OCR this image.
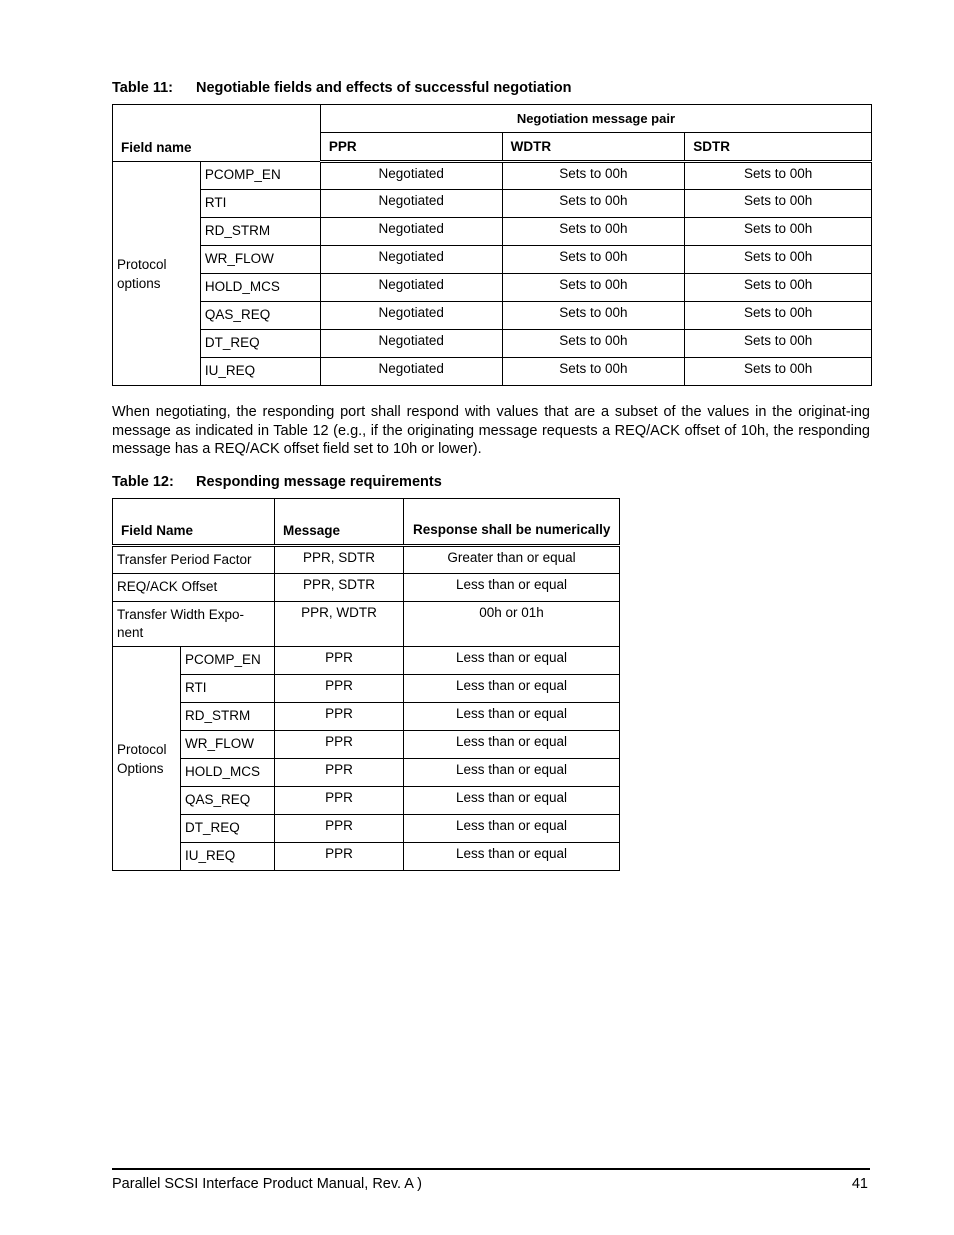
Table 11: Negotiable fields and effects of successful negotiation
Field name		Negotiation message pair		
		PPR	WDTR	SDTR
Protocol options	PCOMP_EN	Negotiated	Sets to 00h	Sets to 00h
	RTI	Negotiated	Sets to 00h	Sets to 00h
	RD_STRM	Negotiated	Sets to 00h	Sets to 00h
	WR_FLOW	Negotiated	Sets to 00h	Sets to 00h
	HOLD_MCS	Negotiated	Sets to 00h	Sets to 00h
	QAS_REQ	Negotiated	Sets to 00h	Sets to 00h
	DT_REQ	Negotiated	Sets to 00h	Sets to 00h
	IU_REQ	Negotiated	Sets to 00h	Sets to 00h
When negotiating, the responding port shall respond with values that are a subset of the values in the originat-ing message as indicated in Table 12 (e.g., if the originating message requests a REQ/ACK offset of 10h, the responding message has a REQ/ACK offset field set to 10h or lower).
Table 12: Responding message requirements
Field Name		Message	Response shall be numerically
Transfer Period Factor		PPR, SDTR	Greater than or equal
REQ/ACK Offset		PPR, SDTR	Less than or equal
Transfer Width Expo-nent		PPR, WDTR	00h or 01h
Protocol Options	PCOMP_EN	PPR	Less than or equal
	RTI	PPR	Less than or equal
	RD_STRM	PPR	Less than or equal
	WR_FLOW	PPR	Less than or equal
	HOLD_MCS	PPR	Less than or equal
	QAS_REQ	PPR	Less than or equal
	DT_REQ	PPR	Less than or equal
	IU_REQ	PPR	Less than or equal
Parallel SCSI Interface Product Manual, Rev. A )	41
